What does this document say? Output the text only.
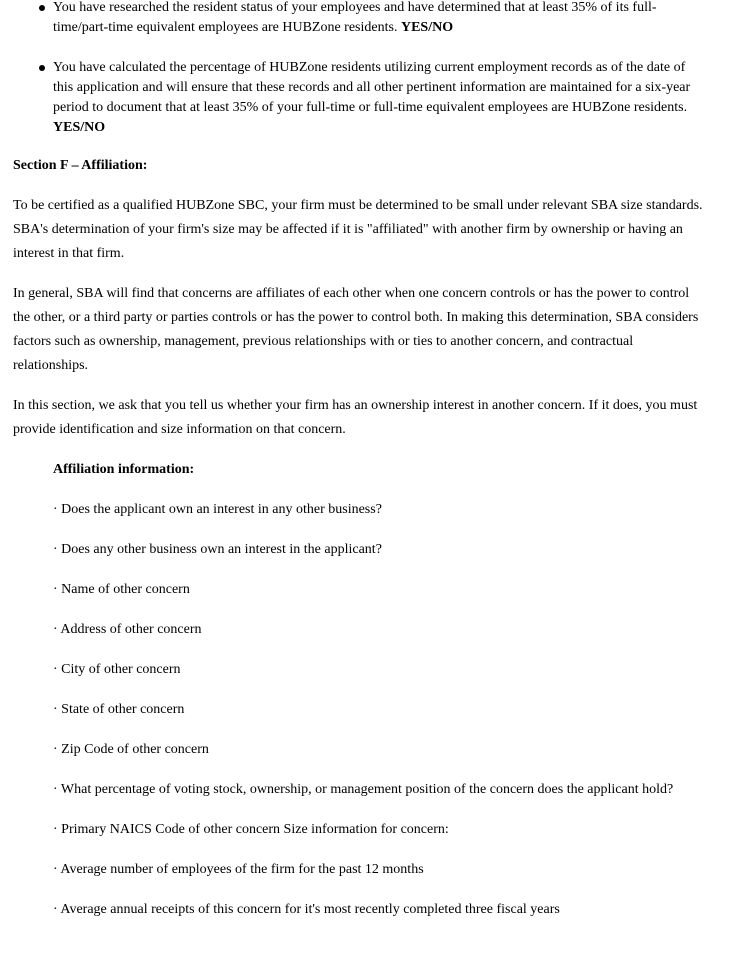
You have researched the resident status of your employees and have determined that at least 35% of its full-time/part-time equivalent employees are HUBZone residents. YES/NO
You have calculated the percentage of HUBZone residents utilizing current employment records as of the date of this application and will ensure that these records and all other pertinent information are maintained for a six-year period to document that at least 35% of your full-time or full-time equivalent employees are HUBZone residents. YES/NO

Section F – Affiliation:

To be certified as a qualified HUBZone SBC, your firm must be determined to be small under relevant SBA size standards. SBA's determination of your firm's size may be affected if it is "affiliated" with another firm by ownership or having an interest in that firm.

In general, SBA will find that concerns are affiliates of each other when one concern controls or has the power to control the other, or a third party or parties controls or has the power to control both. In making this determination, SBA considers factors such as ownership, management, previous relationships with or ties to another concern, and contractual relationships.

In this section, we ask that you tell us whether your firm has an ownership interest in another concern. If it does, you must provide identification and size information on that concern.

Affiliation information:

· Does the applicant own an interest in any other business?

· Does any other business own an interest in the applicant?

· Name of other concern

· Address of other concern

· City of other concern

· State of other concern

· Zip Code of other concern

· What percentage of voting stock, ownership, or management position of the concern does the applicant hold?

· Primary NAICS Code of other concern Size information for concern:

· Average number of employees of the firm for the past 12 months

· Average annual receipts of this concern for it's most recently completed three fiscal years
